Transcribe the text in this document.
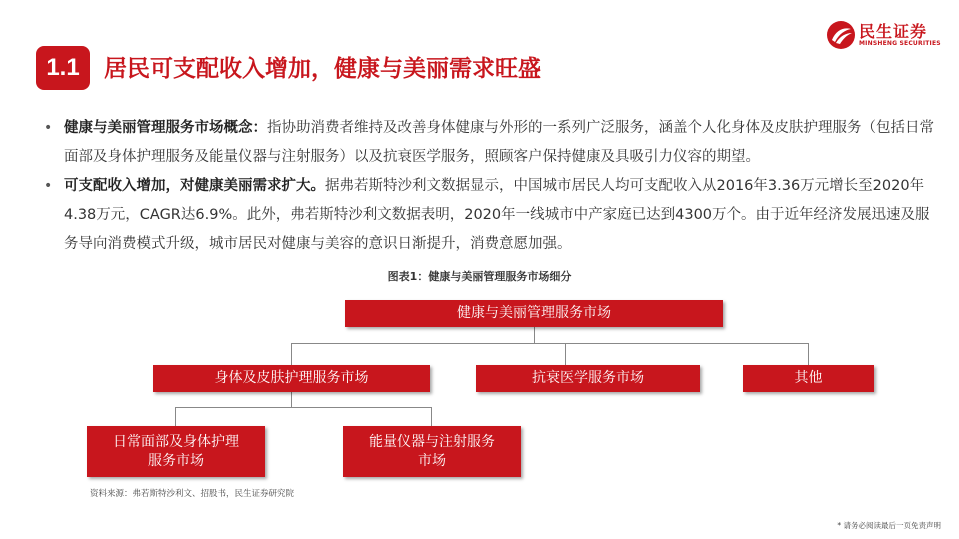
民生证券
MINSHENG SECURITIES
1.1	居民可支配收入增加，健康与美丽需求旺盛
• 健康与美丽管理服务市场概念：指协助消费者维持及改善身体健康与外形的一系列广泛服务，涵盖个人化身体及皮肤护理服务（包括日常面部及身体护理服务及能量仪器与注射服务）以及抗衰医学服务，照顾客户保持健康及具吸引力仪容的期望。
• 可支配收入增加，对健康美丽需求扩大。据弗若斯特沙利文数据显示，中国城市居民人均可支配收入从2016年3.36万元增长至2020年4.38万元，CAGR达6.9%。此外，弗若斯特沙利文数据表明，2020年一线城市中产家庭已达到4300万个。由于近年经济发展迅速及服务导向消费模式升级，城市居民对健康与美容的意识日渐提升，消费意愿加强。
图表1：健康与美丽管理服务市场细分
健康与美丽管理服务市场
身体及皮肤护理服务市场	抗衰医学服务市场	其他
日常面部及身体护理服务市场
能量仪器与注射服务市场
资料来源：弗若斯特沙利文、招股书，民生证券研究院
* 请务必阅读最后一页免责声明
